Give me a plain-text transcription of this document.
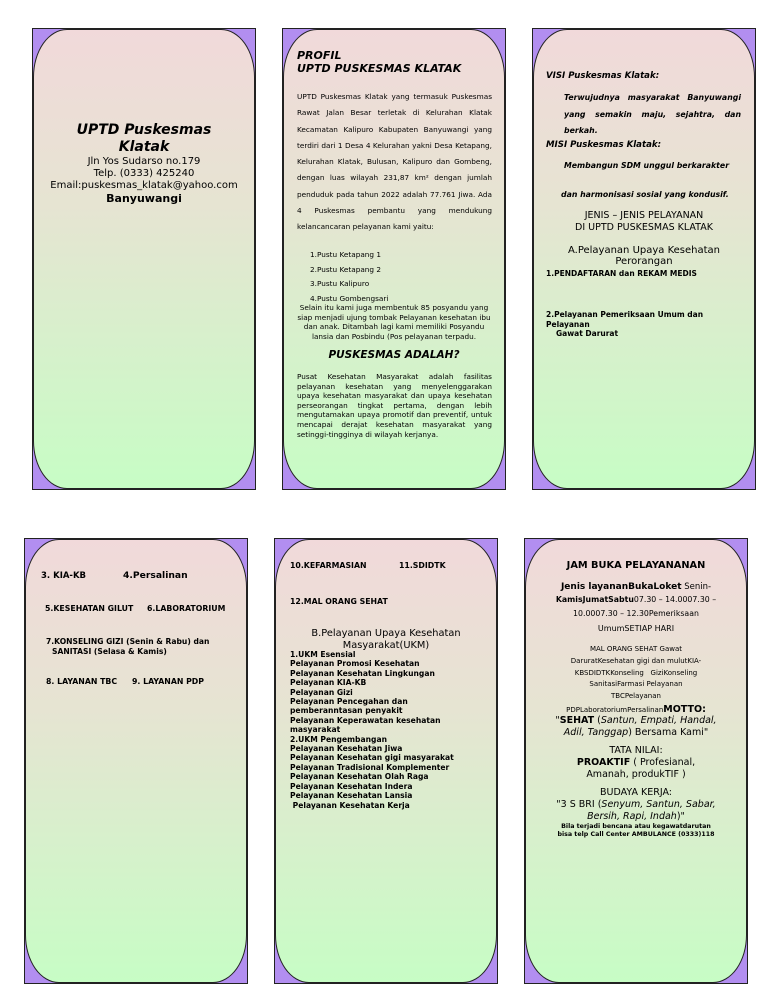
UPTD Puskesmas Klatak
Jln Yos Sudarso no.179
Telp. (0333) 425240
Email:puskesmas_klatak@yahoo.com
Banyuwangi
PROFIL
UPTD PUSKESMAS KLATAK
UPTD Puskesmas Klatak yang termasuk Puskesmas Rawat Jalan Besar terletak di Kelurahan Klatak Kecamatan Kalipuro Kabupaten Banyuwangi yang terdiri dari 1 Desa 4 Kelurahan yakni Desa Ketapang, Kelurahan Klatak, Bulusan, Kalipuro dan Gombeng, dengan luas wilayah 231,87 km² dengan jumlah penduduk pada tahun 2022 adalah 77.761 Jiwa. Ada 4 Puskesmas pembantu yang mendukung kelancancaran pelayanan kami yaitu:
1.Pustu Ketapang 1
2.Pustu Ketapang 2
3.Pustu Kalipuro
4.Pustu Gombengsari
Selain itu kami juga membentuk 85 posyandu yang siap menjadi ujung tombak Pelayanan kesehatan ibu dan anak. Ditambah lagi kami memiliki Posyandu lansia dan Posbindu (Pos pelayanan terpadu.
PUSKESMAS ADALAH?
Pusat Kesehatan Masyarakat adalah fasilitas pelayanan kesehatan yang menyelenggarakan upaya kesehatan masyarakat dan upaya kesehatan perseorangan tingkat pertama, dengan lebih mengutamakan upaya promotif dan preventif, untuk mencapai derajat kesehatan masyarakat yang setinggi-tingginya di wilayah kerjanya.
VISI Puskesmas Klatak:
Terwujudnya masyarakat Banyuwangi yang semakin maju, sejahtra, dan berkah.
MISI Puskesmas Klatak:
Membangun SDM unggul berkarakter
dan harmonisasi sosial yang kondusif.
JENIS – JENIS PELAYANAN
DI UPTD PUSKESMAS KLATAK
A.Pelayanan Upaya Kesehatan
Perorangan
1.PENDAFTARAN dan REKAM MEDIS
2.Pelayanan Pemeriksaan Umum dan Pelayanan
Gawat Darurat
3. KIA-KB	4.Persalinan
5.KESEHATAN GILUT 6.LABORATORIUM
7.KONSELING GIZI (Senin & Rabu) dan
SANITASI (Selasa & Kamis)
8. LAYANAN TBC 9. LAYANAN PDP
10.KEFARMASIAN	11.SDIDTK
12.MAL ORANG SEHAT
B.Pelayanan Upaya Kesehatan
Masyarakat(UKM)
1.UKM Esensial
Pelayanan Promosi Kesehatan
Pelayanan Kesehatan Lingkungan
Pelayanan KIA-KB
Pelayanan Gizi
Pelayanan Pencegahan dan
pemberanntasan penyakit
Pelayanan Keperawatan kesehatan
masyarakat
2.UKM Pengembangan
Pelayanan Kesehatan Jiwa
Pelayanan Kesehatan gigi masyarakat
Pelayanan Tradisional Komplementer
Pelayanan Kesehatan Olah Raga
Pelayanan Kesehatan Indera
Pelayanan Kesehatan Lansia
Pelayanan Kesehatan Kerja
JAM BUKA PELAYANANAN
Jenis layananBukaLoket Senin-
KamisJumatSabtu07.30 – 14.0007.30 –
10.0007.30 – 12.30Pemeriksaan
UmumSETIAP HARI
MAL ORANG SEHAT Gawat
DaruratKesehatan gigi dan mulutKIA-
KBSDIDTKKonseling   GiziKonseling
SanitasiFarmasi Pelayanan
TBCPelayanan
PDPLaboratoriumPersalinanMOTTO:
"SEHAT (Santun, Empati, Handal,
Adil, Tanggap) Bersama Kami"
TATA NILAI:
PROAKTIF ( Profesianal,
Amanah, produkTIF )
BUDAYA KERJA:
"3 S BRI (Senyum, Santun, Sabar,
Bersih, Rapi, Indah)"
Bila terjadi bencana atau kegawatdarutan
bisa telp Call Center AMBULANCE (0333)118
